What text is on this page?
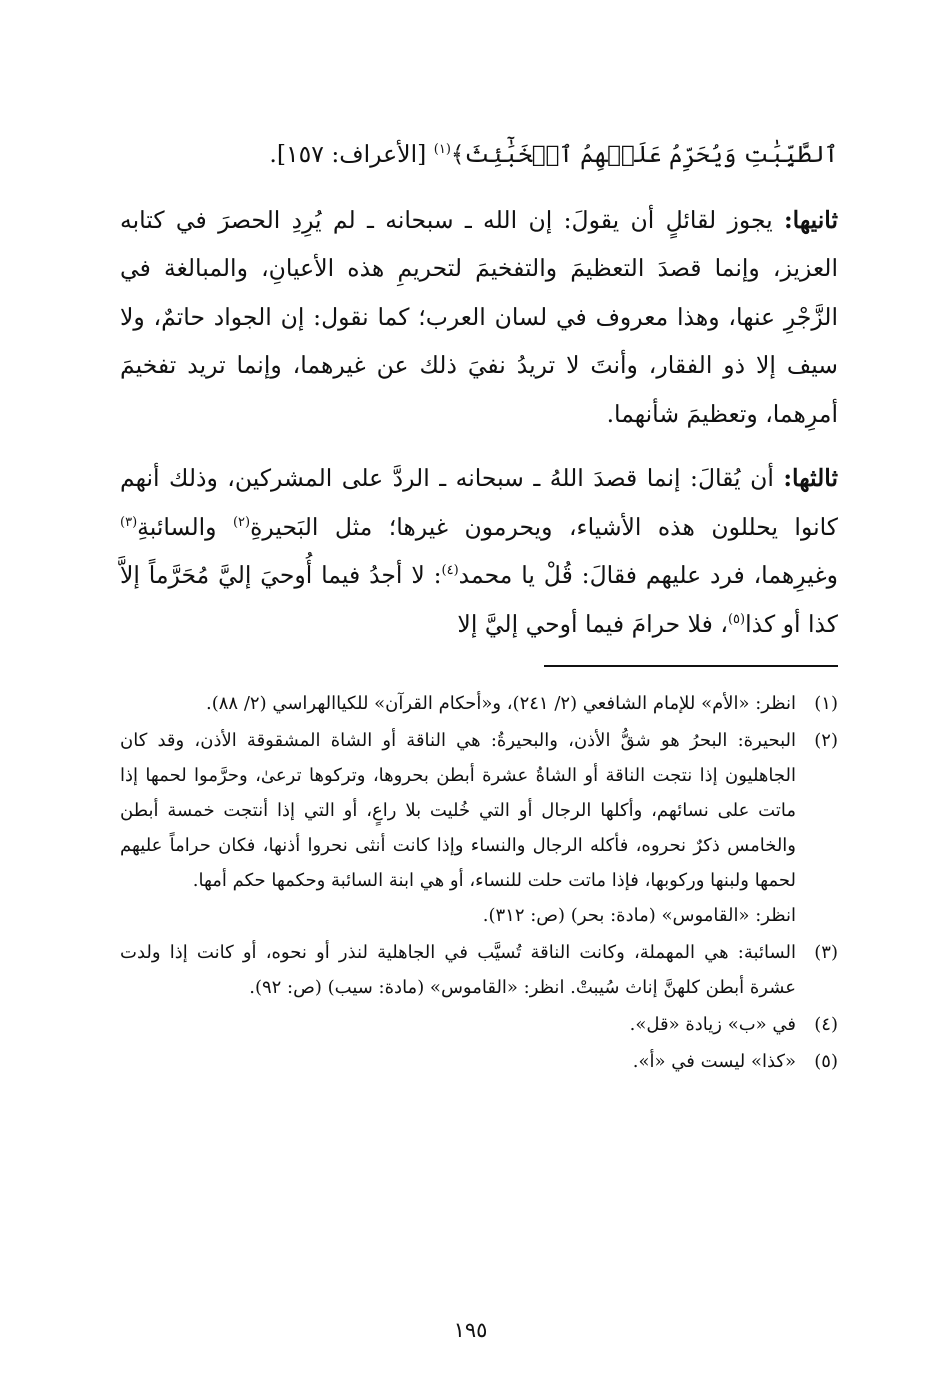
ٱلطَّيِّبَٰتِ وَيُحَرِّمُ عَلَيۡهِمُ ٱلۡخَبَٰٓئِثَ﴾$^{(١)}$ [الأعراف: ١٥٧].

ثانيها: يجوز لقائلٍ أن يقولَ: إن الله ـ سبحانه ـ لم يُرِدِ الحصرَ في كتابه العزيز، وإنما قصدَ التعظيمَ والتفخيمَ لتحريمِ هذه الأعيانِ، والمبالغة في الزَّجْرِ عنها، وهذا معروف في لسان العرب؛ كما نقول: إن الجواد حاتمٌ، ولا سيف إلا ذو الفقار، وأنتَ لا تريدُ نفيَ ذلك عن غيرهما، وإنما تريد تفخيمَ أمرِهما، وتعظيمَ شأنهما.

ثالثها: أن يُقالَ: إنما قصدَ اللهُ ـ سبحانه ـ الردَّ على المشركين، وذلك أنهم كانوا يحللون هذه الأشياء، ويحرمون غيرها؛ مثل البَحيرةِ$^{(٢)}$ والسائبةِ$^{(٣)}$ وغيرِهما، فرد عليهم فقالَ: قُلْ يا محمد$^{(٤)}$: لا أجدُ فيما أُوحيَ إليَّ مُحَرَّماً إلاَّ كذا أو كذا$^{(٥)}$، فلا حرامَ فيما أوحي إليَّ إلا

(١)
انظر: «الأم» للإمام الشافعي (٢/ ٢٤١)، و«أحكام القرآن» للكياالهراسي (٢/ ٨٨).
(٢)
البحيرة: البحرُ هو شقُّ الأذن، والبحيرةُ: هي الناقة أو الشاة المشقوقة الأذن، وقد كان الجاهليون إذا نتجت الناقة أو الشاةُ عشرة أبطن بحروها، وتركوها ترعىٰ، وحرَّموا لحمها إذا ماتت على نسائهم، وأكلها الرجال أو التي خُليت بلا راعٍ، أو التي إذا أنتجت خمسة أبطن والخامس ذكرٌ نحروه، فأكله الرجال والنساء وإذا كانت أنثى نحروا أذنها، فكان حراماً عليهم لحمها ولبنها وركوبها، فإذا ماتت حلت للنساء، أو هي ابنة السائبة وحكمها حكم أمها.
انظر: «القاموس» (مادة: بحر) (ص: ٣١٢).
(٣)
السائبة: هي المهملة، وكانت الناقة تُسيَّب في الجاهلية لنذر أو نحوه، أو كانت إذا ولدت عشرة أبطن كلهنَّ إناث سُيبتْ. انظر: «القاموس» (مادة: سيب) (ص: ٩٢).
(٤)
في «ب» زيادة «قل».
(٥)
«كذا» ليست في «أ».
١٩٥
